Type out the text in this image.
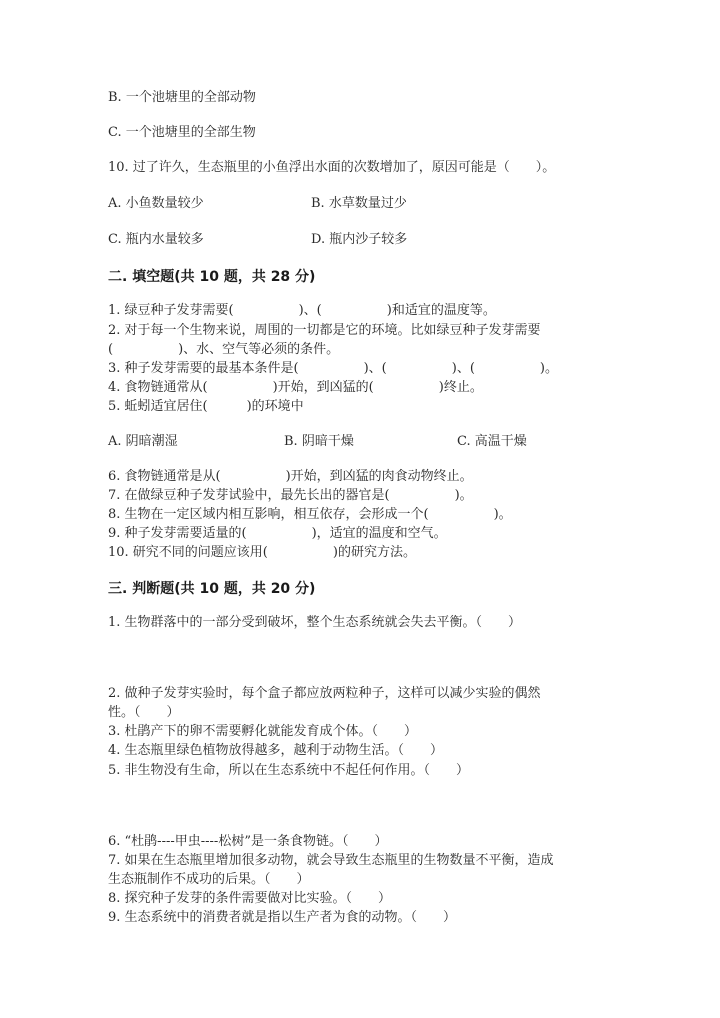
B. 一个池塘里的全部动物
C. 一个池塘里的全部生物
10. 过了许久，生态瓶里的小鱼浮出水面的次数增加了，原因可能是（　　）。
A. 小鱼数量较少	B. 水草数量过少
C. 瓶内水量较多	D. 瓶内沙子较多
二. 填空题(共 10 题，共 28 分)
1. 绿豆种子发芽需要(　　　　　)、(　　　　　)和适宜的温度等。
2. 对于每一个生物来说，周围的一切都是它的环境。比如绿豆种子发芽需要
(　　　　　)、水、空气等必须的条件。
3. 种子发芽需要的最基本条件是(　　　　　)、(　　　　　)、(　　　　　)。
4. 食物链通常从(　　　　　)开始，到凶猛的(　　　　　)终止。
5. 蚯蚓适宜居住(　　　)的环境中
A. 阴暗潮湿	B. 阴暗干燥	C. 高温干燥
6. 食物链通常是从(　　　　　)开始，到凶猛的肉食动物终止。
7. 在做绿豆种子发芽试验中，最先长出的器官是(　　　　　)。
8. 生物在一定区域内相互影响，相互依存，会形成一个(　　　　　)。
9. 种子发芽需要适量的(　　　　　)，适宜的温度和空气。
10. 研究不同的问题应该用(　　　　　)的研究方法。
三. 判断题(共 10 题，共 20 分)
1. 生物群落中的一部分受到破坏，整个生态系统就会失去平衡。（　　）
2. 做种子发芽实验时，每个盒子都应放两粒种子，这样可以减少实验的偶然
性。（　　）
3. 杜鹃产下的卵不需要孵化就能发育成个体。（　　）
4. 生态瓶里绿色植物放得越多，越利于动物生活。（　　）
5. 非生物没有生命，所以在生态系统中不起任何作用。（　　）
6. “杜鹃----甲虫----松树”是一条食物链。（　　）
7. 如果在生态瓶里增加很多动物，就会导致生态瓶里的生物数量不平衡，造成
生态瓶制作不成功的后果。（　　）
8. 探究种子发芽的条件需要做对比实验。（　　）
9. 生态系统中的消费者就是指以生产者为食的动物。（　　）
